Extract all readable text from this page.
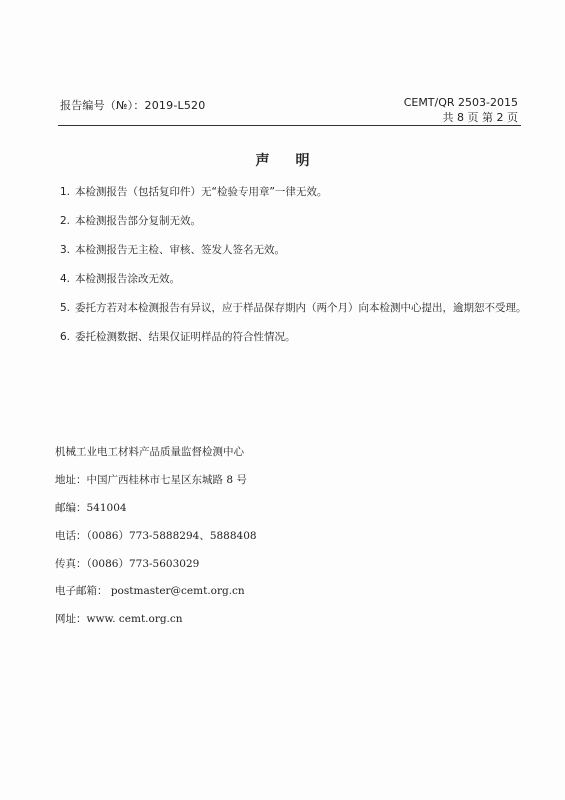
报告编号（№）：2019-L520	CEMT/QR 2503-2015
共 8 页 第 2 页
声明
1. 本检测报告（包括复印件）无“检验专用章”一律无效。
2. 本检测报告部分复制无效。
3. 本检测报告无主检、审核、签发人签名无效。
4. 本检测报告涂改无效。
5. 委托方若对本检测报告有异议，应于样品保存期内（两个月）向本检测中心提出，逾期恕不受理。
6. 委托检测数据、结果仅证明样品的符合性情况。
机械工业电工材料产品质量监督检测中心
地址：中国广西桂林市七星区东城路 8 号
邮编：541004
电话：（0086）773-5888294、5888408
传真：（0086）773-5603029
电子邮箱： postmaster@cemt.org.cn
网址：www. cemt.org.cn
